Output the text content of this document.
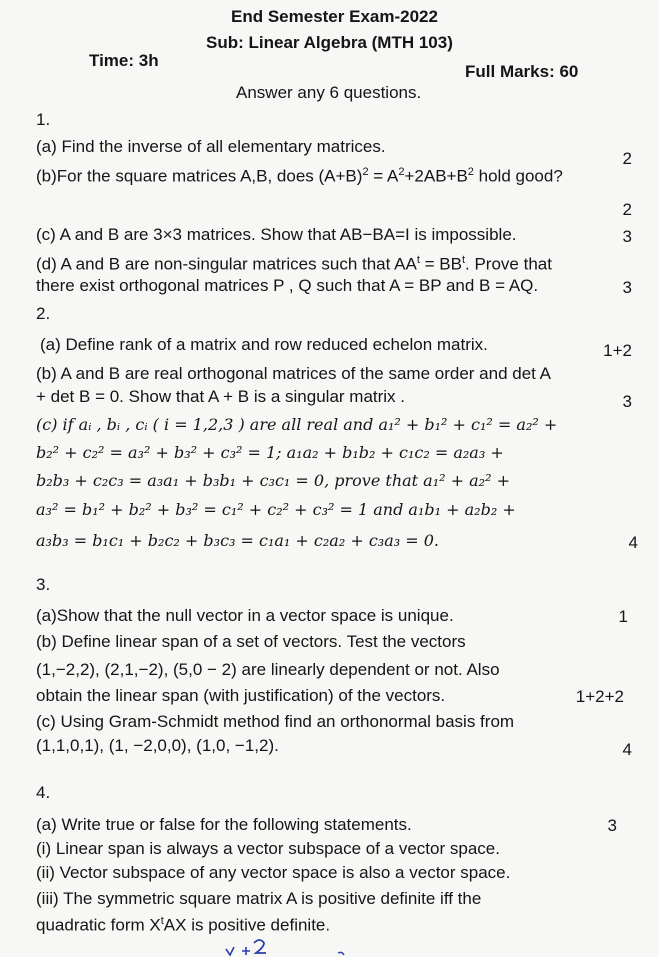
End Semester Exam-2022
Sub: Linear Algebra (MTH 103)
Time: 3h
Full Marks: 60
Answer any 6 questions.
1.
(a) Find the inverse of all elementary matrices.
2
(b)For the square matrices A,B, does $(A+B)^2 = A^2+2AB+B^2$ hold good?
2
(c) A and B are 3×3 matrices. Show that AB−BA=I is impossible.	3
(d) A and B are non-singular matrices such that $AA^t = BB^t$. Prove that
there exist orthogonal matrices P , Q such that A = BP and B = AQ.	3
2.
(a) Define rank of a matrix and row reduced echelon matrix.	1+2
(b) A and B are real orthogonal matrices of the same order and det A
+ det B = 0. Show that A + B is a singular matrix .	3
(c) if aᵢ , bᵢ , cᵢ ( i = 1,2,3 ) are all real and a₁² + b₁² + c₁² = a₂² +
b₂² + c₂² = a₃² + b₃² + c₃² = 1; a₁a₂ + b₁b₂ + c₁c₂ = a₂a₃ +
b₂b₃ + c₂c₃ = a₃a₁ + b₃b₁ + c₃c₁ = 0, prove that a₁² + a₂² +
a₃² = b₁² + b₂² + b₃² = c₁² + c₂² + c₃² = 1 and a₁b₁ + a₂b₂ +
a₃b₃ = b₁c₁ + b₂c₂ + b₃c₃ = c₁a₁ + c₂a₂ + c₃a₃ = 0.	4
3.
(a)Show that the null vector in a vector space is unique.	1
(b) Define linear span of a set of vectors. Test the vectors
(1,−2,2), (2,1,−2), (5,0 − 2) are linearly dependent or not. Also
obtain the linear span (with justification) of the vectors.	1+2+2
(c) Using Gram-Schmidt method find an orthonormal basis from
(1,1,0,1), (1, −2,0,0), (1,0, −1,2).	4
4.
(a) Write true or false for the following statements.	3
(i) Linear span is always a vector subspace of a vector space.
(ii) Vector subspace of any vector space is also a vector space.
(iii) The symmetric square matrix A is positive definite iff the
quadratic form $X^tAX$ is positive definite.
